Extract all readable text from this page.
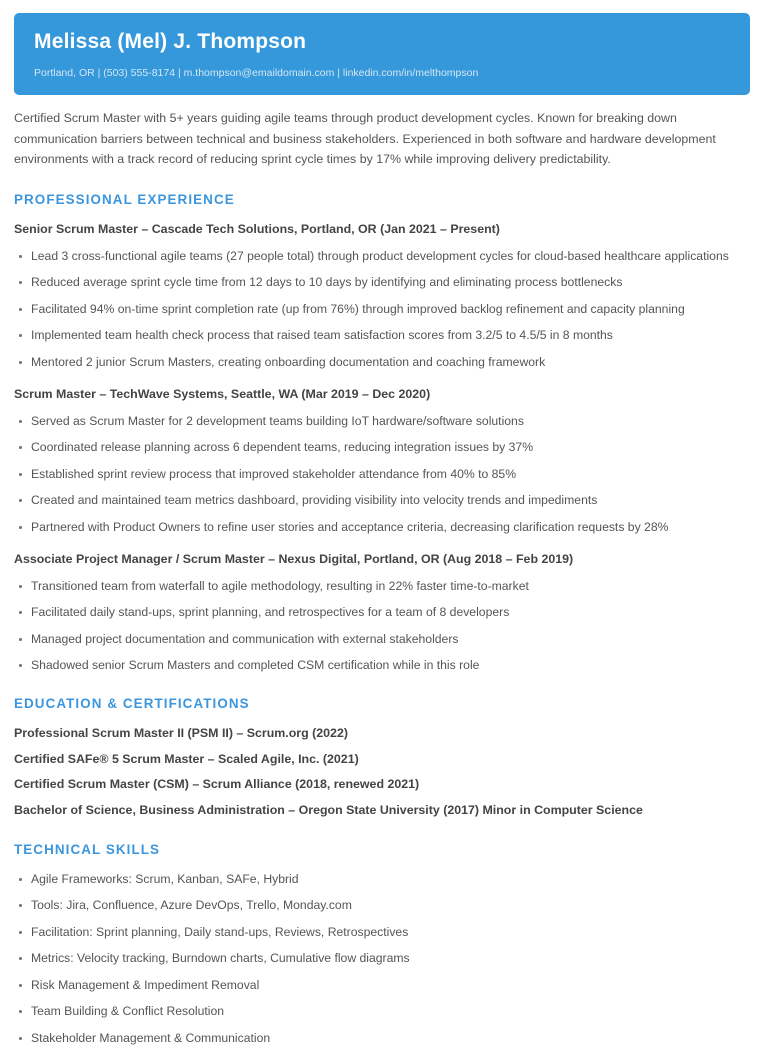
Melissa (Mel) J. Thompson
Portland, OR | (503) 555-8174 | m.thompson@emaildomain.com | linkedin.com/in/melthompson

Certified Scrum Master with 5+ years guiding agile teams through product development cycles. Known for breaking down communication barriers between technical and business stakeholders. Experienced in both software and hardware development environments with a track record of reducing sprint cycle times by 17% while improving delivery predictability.

PROFESSIONAL EXPERIENCE
Senior Scrum Master – Cascade Tech Solutions, Portland, OR (Jan 2021 – Present)
Lead 3 cross-functional agile teams (27 people total) through product development cycles for cloud-based healthcare applications
Reduced average sprint cycle time from 12 days to 10 days by identifying and eliminating process bottlenecks
Facilitated 94% on-time sprint completion rate (up from 76%) through improved backlog refinement and capacity planning
Implemented team health check process that raised team satisfaction scores from 3.2/5 to 4.5/5 in 8 months
Mentored 2 junior Scrum Masters, creating onboarding documentation and coaching framework
Scrum Master – TechWave Systems, Seattle, WA (Mar 2019 – Dec 2020)
Served as Scrum Master for 2 development teams building IoT hardware/software solutions
Coordinated release planning across 6 dependent teams, reducing integration issues by 37%
Established sprint review process that improved stakeholder attendance from 40% to 85%
Created and maintained team metrics dashboard, providing visibility into velocity trends and impediments
Partnered with Product Owners to refine user stories and acceptance criteria, decreasing clarification requests by 28%
Associate Project Manager / Scrum Master – Nexus Digital, Portland, OR (Aug 2018 – Feb 2019)
Transitioned team from waterfall to agile methodology, resulting in 22% faster time-to-market
Facilitated daily stand-ups, sprint planning, and retrospectives for a team of 8 developers
Managed project documentation and communication with external stakeholders
Shadowed senior Scrum Masters and completed CSM certification while in this role
EDUCATION & CERTIFICATIONS
Professional Scrum Master II (PSM II) – Scrum.org (2022)
Certified SAFe® 5 Scrum Master – Scaled Agile, Inc. (2021)
Certified Scrum Master (CSM) – Scrum Alliance (2018, renewed 2021)
Bachelor of Science, Business Administration – Oregon State University (2017) Minor in Computer Science
TECHNICAL SKILLS
Agile Frameworks: Scrum, Kanban, SAFe, Hybrid
Tools: Jira, Confluence, Azure DevOps, Trello, Monday.com
Facilitation: Sprint planning, Daily stand-ups, Reviews, Retrospectives
Metrics: Velocity tracking, Burndown charts, Cumulative flow diagrams
Risk Management & Impediment Removal
Team Building & Conflict Resolution
Stakeholder Management & Communication
